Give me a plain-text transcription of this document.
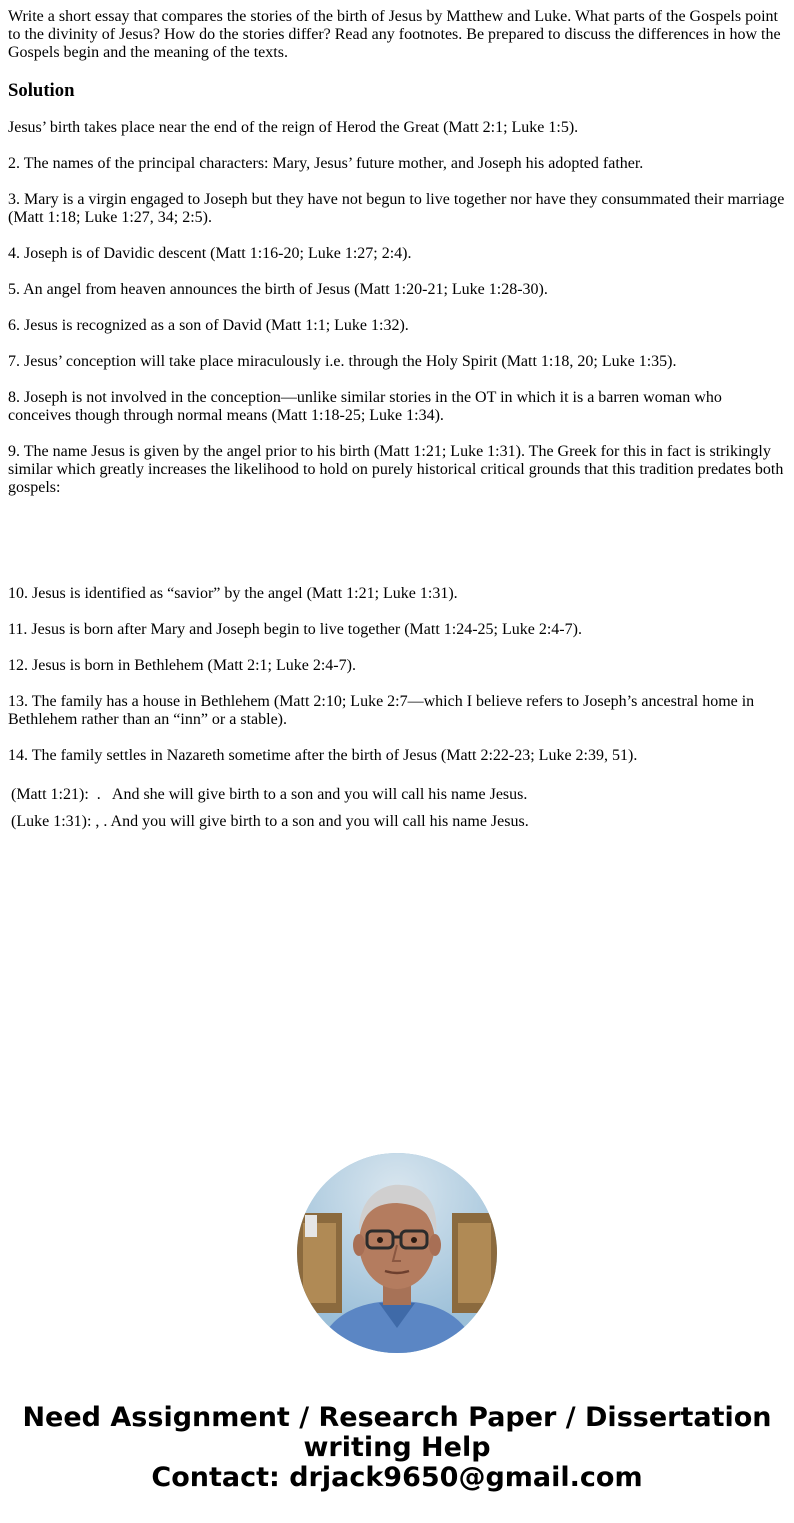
Write a short essay that compares the stories of the birth of Jesus by Matthew and Luke. What parts of the Gospels point to the divinity of Jesus? How do the stories differ? Read any footnotes. Be prepared to discuss the differences in how the Gospels begin and the meaning of the texts.

Solution

Jesus’ birth takes place near the end of the reign of Herod the Great (Matt 2:1; Luke 1:5).

2. The names of the principal characters: Mary, Jesus’ future mother, and Joseph his adopted father.

3. Mary is a virgin engaged to Joseph but they have not begun to live together nor have they consummated their marriage (Matt 1:18; Luke 1:27, 34; 2:5).

4. Joseph is of Davidic descent (Matt 1:16-20; Luke 1:27; 2:4).

5. An angel from heaven announces the birth of Jesus (Matt 1:20-21; Luke 1:28-30).

6. Jesus is recognized as a son of David (Matt 1:1; Luke 1:32).

7. Jesus’ conception will take place miraculously i.e. through the Holy Spirit (Matt 1:18, 20; Luke 1:35).

8. Joseph is not involved in the conception—unlike similar stories in the OT in which it is a barren woman who conceives though through normal means (Matt 1:18-25; Luke 1:34).

9. The name Jesus is given by the angel prior to his birth (Matt 1:21; Luke 1:31). The Greek for this in fact is strikingly similar which greatly increases the likelihood to hold on purely historical critical grounds that this tradition predates both gospels:

10. Jesus is identified as “savior” by the angel (Matt 1:21; Luke 1:31).

11. Jesus is born after Mary and Joseph begin to live together (Matt 1:24-25; Luke 2:4-7).

12. Jesus is born in Bethlehem (Matt 2:1; Luke 2:4-7).

13. The family has a house in Bethlehem (Matt 2:10; Luke 2:7—which I believe refers to Joseph’s ancestral home in Bethlehem rather than an “inn” or a stable).

14. The family settles in Nazareth sometime after the birth of Jesus (Matt 2:22-23; Luke 2:39, 51).

(Matt 1:21):  .   And she will give birth to a son and you will call his name Jesus.
(Luke 1:31): , . And you will give birth to a son and you will call his name Jesus.
Need Assignment / Research Paper / Dissertation
writing Help
Contact: drjack9650@gmail.com
